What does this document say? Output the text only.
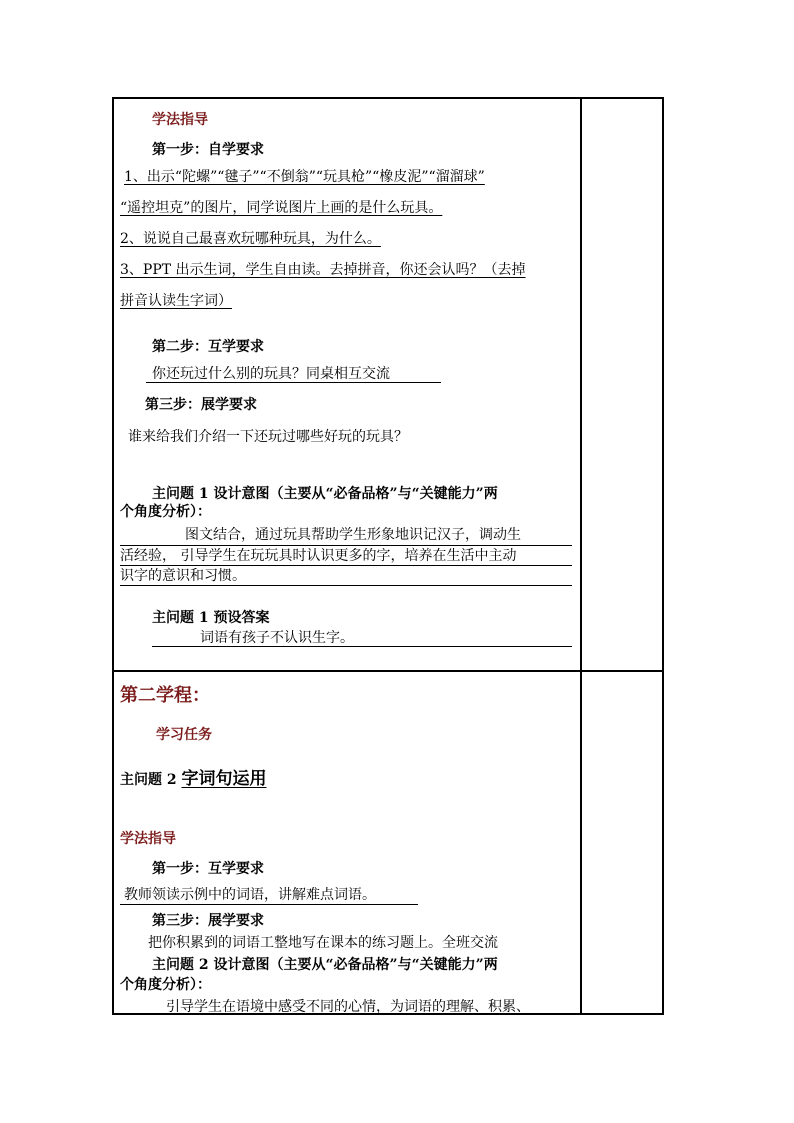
学法指导
第一步：自学要求
1、出示“陀螺”“毽子”“不倒翁”“玩具枪”“橡皮泥”“溜溜球”
“遥控坦克”的图片，同学说图片上画的是什么玩具。
2、说说自己最喜欢玩哪种玩具，为什么。
3、PPT 出示生词，学生自由读。去掉拼音，你还会认吗？（去掉
拼音认读生字词）
第二步：互学要求
你还玩过什么别的玩具？同桌相互交流
第三步：展学要求
谁来给我们介绍一下还玩过哪些好玩的玩具？
主问题 1 设计意图（主要从“必备品格”与“关键能力”两
个角度分析）：
图文结合，通过玩具帮助学生形象地识记汉子，调动生
活经验， 引导学生在玩玩具时认识更多的字，培养在生活中主动
识字的意识和习惯。
主问题 1 预设答案
词语有孩子不认识生字。
第二学程：
学习任务
主问题 2 字词句运用
学法指导
第一步：互学要求
教师领读示例中的词语，讲解难点词语。
第三步：展学要求
把你积累到的词语工整地写在课本的练习题上。全班交流
主问题 2 设计意图（主要从“必备品格”与“关键能力”两
个角度分析）：
引导学生在语境中感受不同的心情，为词语的理解、积累、
